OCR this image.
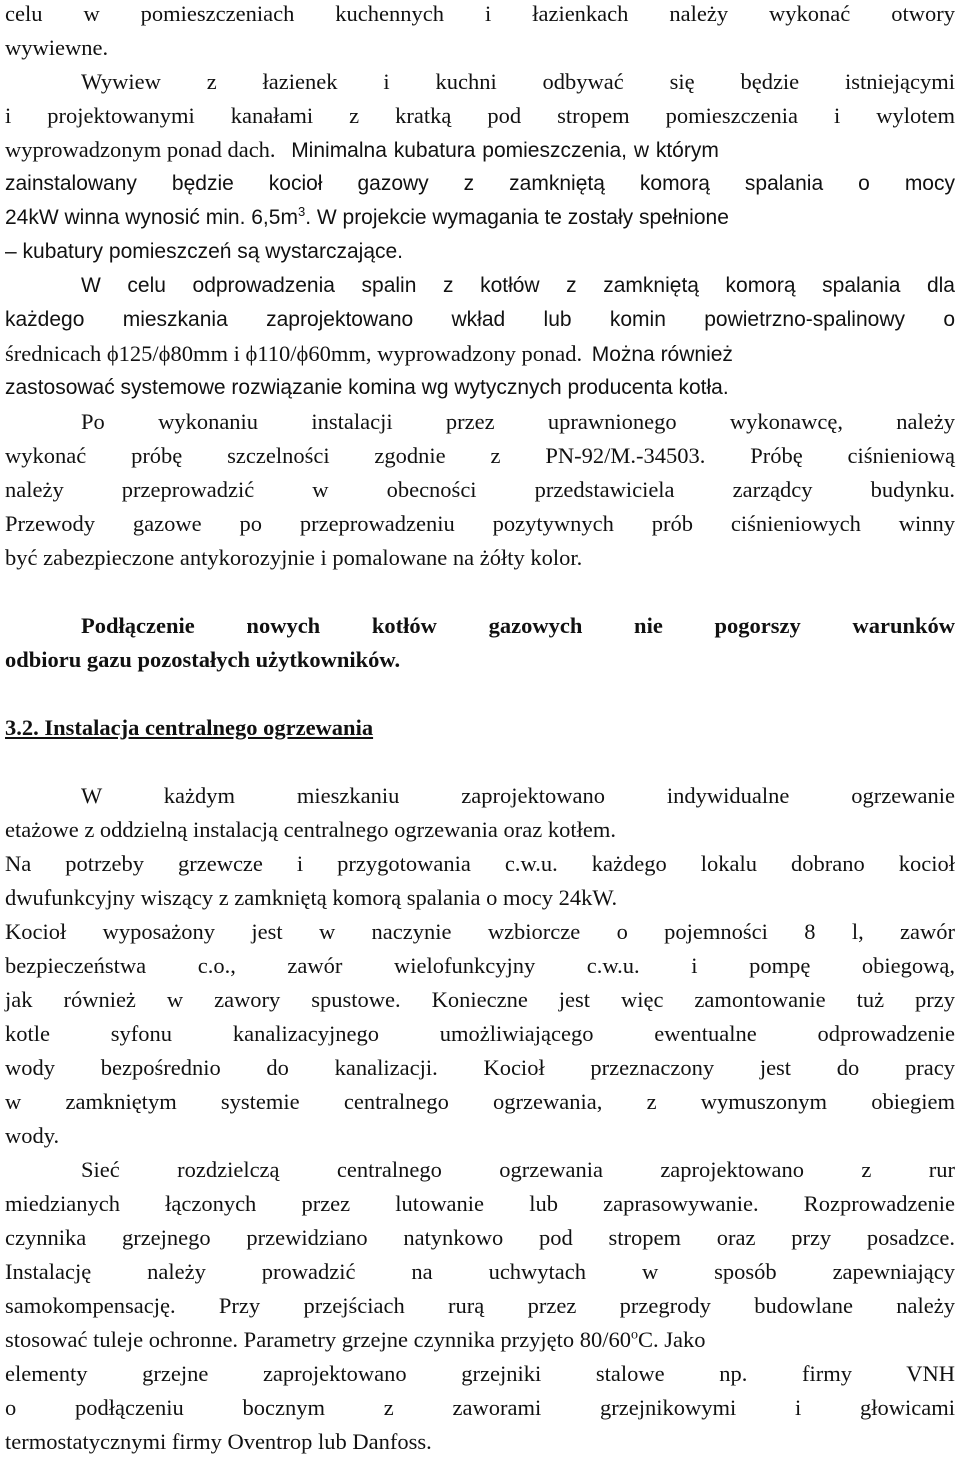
celu w pomieszczeniach kuchennych i łazienkach należy wykonać otwory
wywiewne.
Wywiew z łazienek i kuchni odbywać się będzie istniejącymi
i projektowanymi kanałami z kratką pod stropem pomieszczenia i wylotem
wyprowadzonym ponad dach. Minimalna kubatura pomieszczenia, w którym
zainstalowany będzie kocioł gazowy z zamkniętą komorą spalania o mocy
24kW winna wynosić min. $6,5m^3$. W projekcie wymagania te zostały spełnione
– kubatury pomieszczeń są wystarczające.
W celu odprowadzenia spalin z kotłów z zamkniętą komorą spalania dla
każdego mieszkania zaprojektowano wkład lub komin powietrzno-spalinowy o
średnicach ϕ125/ϕ80mm i ϕ110/ϕ60mm, wyprowadzony ponad. Można również
zastosować systemowe rozwiązanie komina wg wytycznych producenta kotła.
Po wykonaniu instalacji przez uprawnionego wykonawcę, należy
wykonać próbę szczelności zgodnie z PN-92/M.-34503. Próbę ciśnieniową
należy przeprowadzić w obecności przedstawiciela zarządcy budynku.
Przewody gazowe po przeprowadzeniu pozytywnych prób ciśnieniowych winny
być zabezpieczone antykorozyjnie i pomalowane na żółty kolor.
Podłączenie nowych kotłów gazowych nie pogorszy warunków
odbioru gazu pozostałych użytkowników.
3.2. Instalacja centralnego ogrzewania
W każdym mieszkaniu zaprojektowano indywidualne ogrzewanie
etażowe z oddzielną instalacją centralnego ogrzewania oraz kotłem.
Na potrzeby grzewcze i przygotowania c.w.u. każdego lokalu dobrano kocioł
dwufunkcyjny wiszący z zamkniętą komorą spalania o mocy 24kW.
Kocioł wyposażony jest w naczynie wzbiorcze o pojemności 8 l, zawór
bezpieczeństwa c.o., zawór wielofunkcyjny c.w.u. i pompę obiegową,
jak również w zawory spustowe. Konieczne jest więc zamontowanie tuż przy
kotle syfonu kanalizacyjnego umożliwiającego ewentualne odprowadzenie
wody bezpośrednio do kanalizacji. Kocioł przeznaczony jest do pracy
w zamkniętym systemie centralnego ogrzewania, z wymuszonym obiegiem
wody.
Sieć rozdzielczą centralnego ogrzewania zaprojektowano z rur
miedzianych łączonych przez lutowanie lub zaprasowywanie. Rozprowadzenie
czynnika grzejnego przewidziano natynkowo pod stropem oraz przy posadzce.
Instalację należy prowadzić na uchwytach w sposób zapewniający
samokompensację. Przy przejściach rurą przez przegrody budowlane należy
stosować tuleje ochronne. Parametry grzejne czynnika przyjęto 80/60$^o$C. Jako
elementy grzejne zaprojektowano grzejniki stalowe np. firmy VNH
o podłączeniu bocznym z zaworami grzejnikowymi i głowicami
termostatycznymi firmy Oventrop lub Danfoss.
